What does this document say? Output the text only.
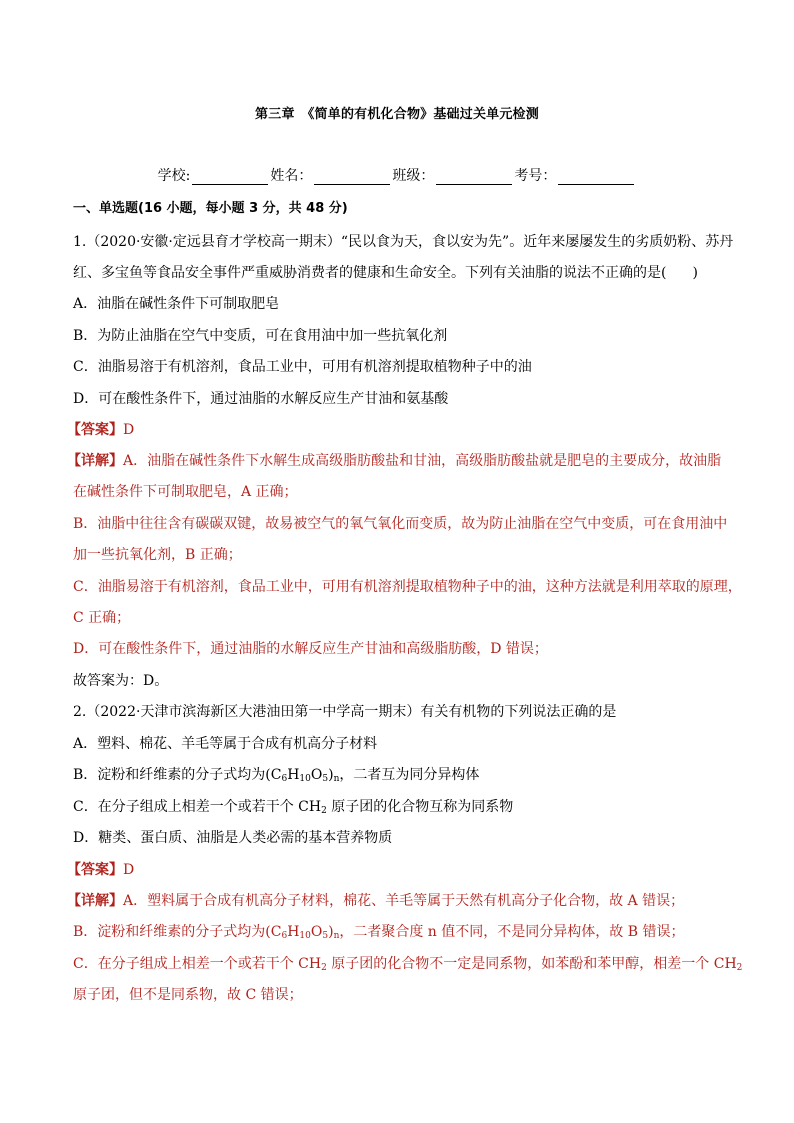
第三章　《简单的有机化合物》基础过关单元检测
学校:	姓名：	班级：	考号：
一、单选题(16 小题，每小题 3 分，共 48 分)
1.（2020·安徽·定远县育才学校高一期末）“民以食为天，食以安为先”。近年来屡屡发生的劣质奶粉、苏丹
红、多宝鱼等食品安全事件严重威胁消费者的健康和生命安全。下列有关油脂的说法不正确的是( )
A．油脂在碱性条件下可制取肥皂
B．为防止油脂在空气中变质，可在食用油中加一些抗氧化剂
C．油脂易溶于有机溶剂，食品工业中，可用有机溶剂提取植物种子中的油
D．可在酸性条件下，通过油脂的水解反应生产甘油和氨基酸
【答案】D
【详解】A．油脂在碱性条件下水解生成高级脂肪酸盐和甘油，高级脂肪酸盐就是肥皂的主要成分，故油脂
在碱性条件下可制取肥皂，A 正确；
B．油脂中往往含有碳碳双键，故易被空气的氧气氧化而变质，故为防止油脂在空气中变质，可在食用油中
加一些抗氧化剂，B 正确；
C．油脂易溶于有机溶剂，食品工业中，可用有机溶剂提取植物种子中的油，这种方法就是利用萃取的原理，
C 正确；
D．可在酸性条件下，通过油脂的水解反应生产甘油和高级脂肪酸，D 错误；
故答案为：D。
2.（2022·天津市滨海新区大港油田第一中学高一期末）有关有机物的下列说法正确的是
A．塑料、棉花、羊毛等属于合成有机高分子材料
B．淀粉和纤维素的分子式均为$(C_6H_{10}O_5)_n$，二者互为同分异构体
C．在分子组成上相差一个或若干个 $CH_2$ 原子团的化合物互称为同系物
D．糖类、蛋白质、油脂是人类必需的基本营养物质
【答案】D
【详解】A．塑料属于合成有机高分子材料，棉花、羊毛等属于天然有机高分子化合物，故 A 错误；
B．淀粉和纤维素的分子式均为$(C_6H_{10}O_5)_n$，二者聚合度 n 值不同，不是同分异构体，故 B 错误；
C．在分子组成上相差一个或若干个 $CH_2$ 原子团的化合物不一定是同系物，如苯酚和苯甲醇，相差一个 $CH_2$
原子团，但不是同系物，故 C 错误；
